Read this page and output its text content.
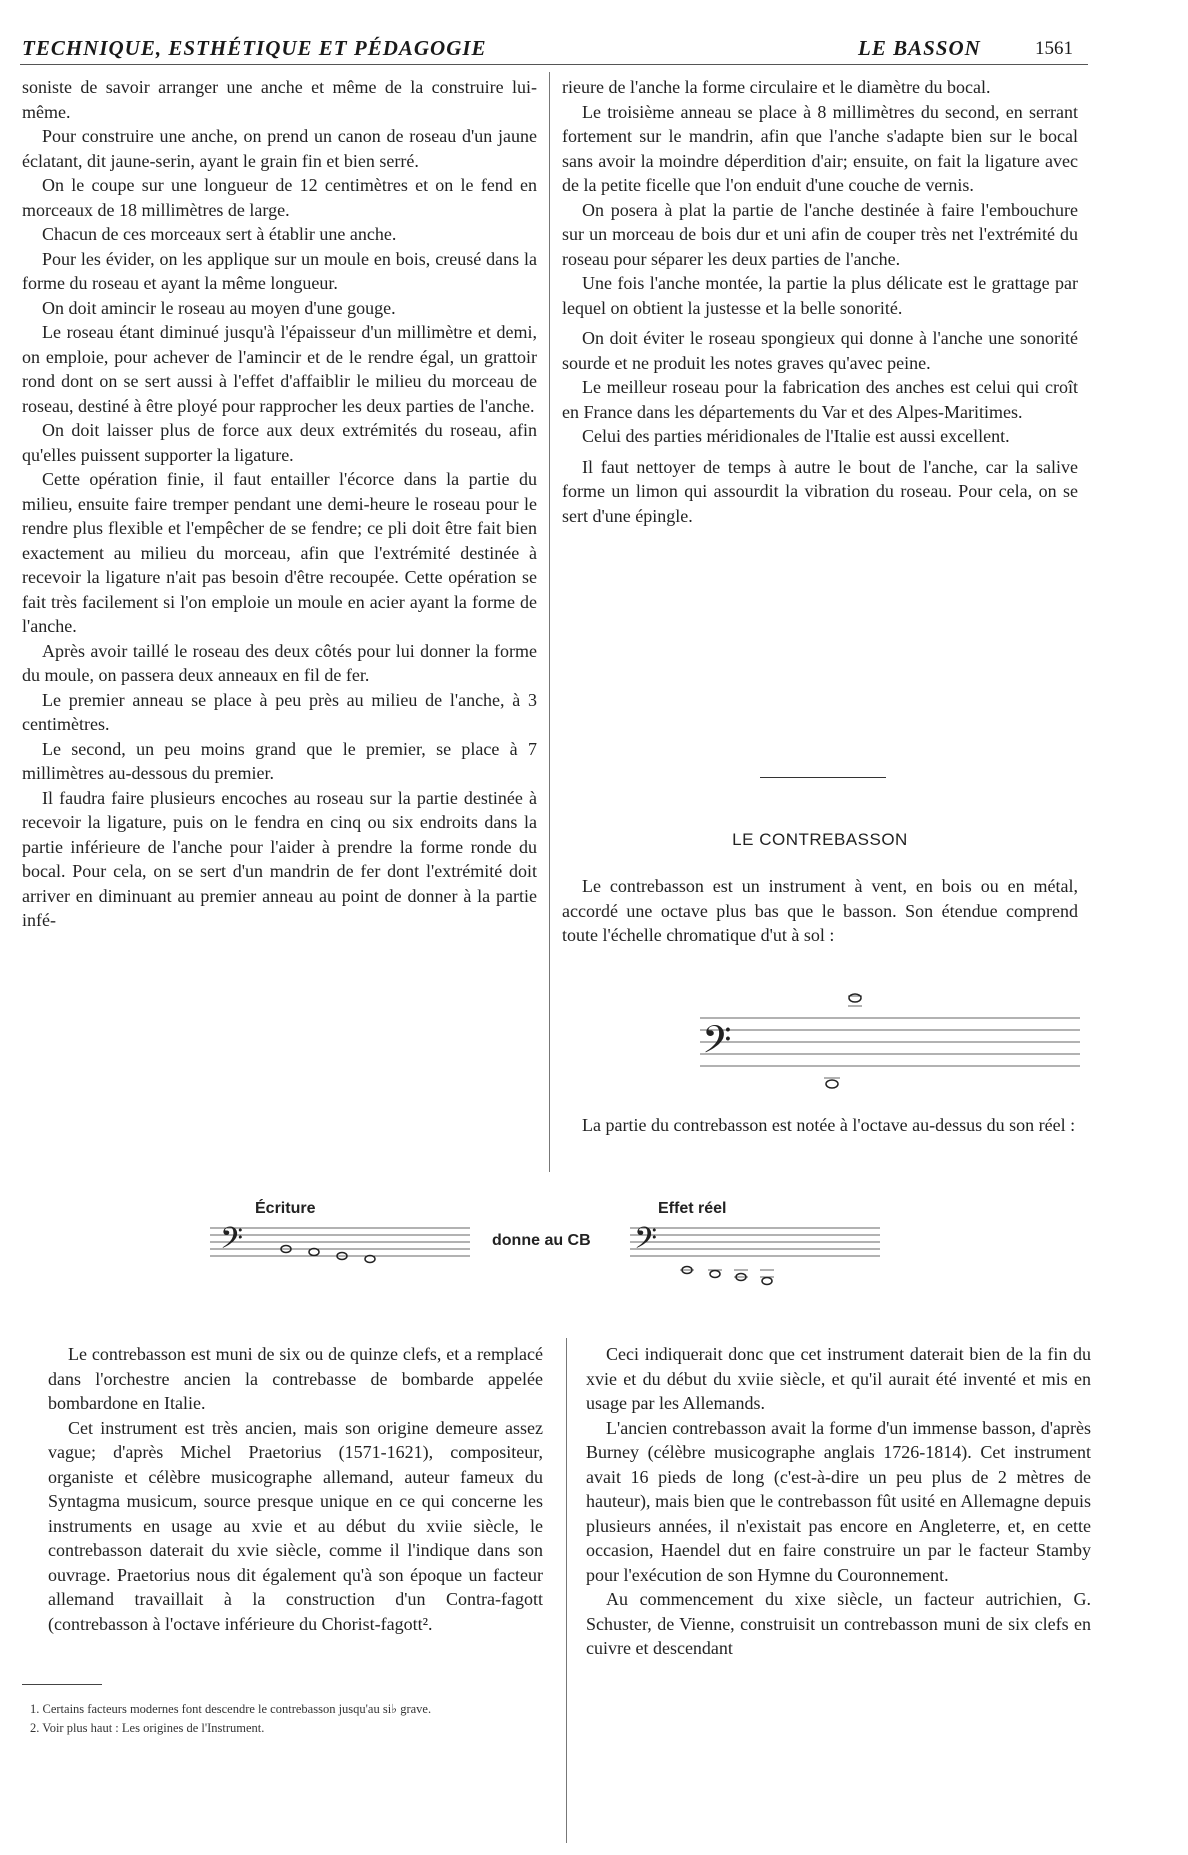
TECHNIQUE, ESTHÉTIQUE ET PÉDAGOGIE	LE BASSON	1561

soniste de savoir arranger une anche et même de la construire lui-même.

Pour construire une anche, on prend un canon de roseau d'un jaune éclatant, dit jaune-serin, ayant le grain fin et bien serré.

On le coupe sur une longueur de 12 centimètres et on le fend en morceaux de 18 millimètres de large.

Chacun de ces morceaux sert à établir une anche.

Pour les évider, on les applique sur un moule en bois, creusé dans la forme du roseau et ayant la même longueur.

On doit amincir le roseau au moyen d'une gouge.

Le roseau étant diminué jusqu'à l'épaisseur d'un millimètre et demi, on emploie, pour achever de l'amincir et de le rendre égal, un grattoir rond dont on se sert aussi à l'effet d'affaiblir le milieu du morceau de roseau, destiné à être ployé pour rapprocher les deux parties de l'anche.

On doit laisser plus de force aux deux extrémités du roseau, afin qu'elles puissent supporter la ligature.

Cette opération finie, il faut entailler l'écorce dans la partie du milieu, ensuite faire tremper pendant une demi-heure le roseau pour le rendre plus flexible et l'empêcher de se fendre; ce pli doit être fait bien exactement au milieu du morceau, afin que l'extrémité destinée à recevoir la ligature n'ait pas besoin d'être recoupée. Cette opération se fait très facilement si l'on emploie un moule en acier ayant la forme de l'anche.

Après avoir taillé le roseau des deux côtés pour lui donner la forme du moule, on passera deux anneaux en fil de fer.

Le premier anneau se place à peu près au milieu de l'anche, à 3 centimètres.

Le second, un peu moins grand que le premier, se place à 7 millimètres au-dessous du premier.

Il faudra faire plusieurs encoches au roseau sur la partie destinée à recevoir la ligature, puis on le fendra en cinq ou six endroits dans la partie inférieure de l'anche pour l'aider à prendre la forme ronde du bocal. Pour cela, on se sert d'un mandrin de fer dont l'extrémité doit arriver en diminuant au premier anneau au point de donner à la partie infé-

rieure de l'anche la forme circulaire et le diamètre du bocal.

Le troisième anneau se place à 8 millimètres du second, en serrant fortement sur le mandrin, afin que l'anche s'adapte bien sur le bocal sans avoir la moindre déperdition d'air; ensuite, on fait la ligature avec de la petite ficelle que l'on enduit d'une couche de vernis.

On posera à plat la partie de l'anche destinée à faire l'embouchure sur un morceau de bois dur et uni afin de couper très net l'extrémité du roseau pour séparer les deux parties de l'anche.

Une fois l'anche montée, la partie la plus délicate est le grattage par lequel on obtient la justesse et la belle sonorité.

On doit éviter le roseau spongieux qui donne à l'anche une sonorité sourde et ne produit les notes graves qu'avec peine.

Le meilleur roseau pour la fabrication des anches est celui qui croît en France dans les départements du Var et des Alpes-Maritimes.

Celui des parties méridionales de l'Italie est aussi excellent.

Il faut nettoyer de temps à autre le bout de l'anche, car la salive forme un limon qui assourdit la vibration du roseau. Pour cela, on se sert d'une épingle.

LE CONTREBASSON

Le contrebasson est un instrument à vent, en bois ou en métal, accordé une octave plus bas que le basson. Son étendue comprend toute l'échelle chromatique d'ut à sol :

𝄢

La partie du contrebasson est notée à l'octave au-dessus du son réel :

Écriture	Effet réel
donne au CB
𝄢	𝄢

Le contrebasson est muni de six ou de quinze clefs, et a remplacé dans l'orchestre ancien la contrebasse de bombarde appelée bombardone en Italie.

Cet instrument est très ancien, mais son origine demeure assez vague; d'après Michel Praetorius (1571-1621), compositeur, organiste et célèbre musicographe allemand, auteur fameux du Syntagma musicum, source presque unique en ce qui concerne les instruments en usage au xvie et au début du xviie siècle, le contrebasson daterait du xvie siècle, comme il l'indique dans son ouvrage. Praetorius nous dit également qu'à son époque un facteur allemand travaillait à la construction d'un Contra-fagott (contrebasson à l'octave inférieure du Chorist-fagott².

Ceci indiquerait donc que cet instrument daterait bien de la fin du xvie et du début du xviie siècle, et qu'il aurait été inventé et mis en usage par les Allemands.

L'ancien contrebasson avait la forme d'un immense basson, d'après Burney (célèbre musicographe anglais 1726-1814). Cet instrument avait 16 pieds de long (c'est-à-dire un peu plus de 2 mètres de hauteur), mais bien que le contrebasson fût usité en Allemagne depuis plusieurs années, il n'existait pas encore en Angleterre, et, en cette occasion, Haendel dut en faire construire un par le facteur Stamby pour l'exécution de son Hymne du Couronnement.

Au commencement du xixe siècle, un facteur autrichien, G. Schuster, de Vienne, construisit un contrebasson muni de six clefs en cuivre et descendant

1. Certains facteurs modernes font descendre le contrebasson jusqu'au si♭ grave.

2. Voir plus haut : Les origines de l'Instrument.
